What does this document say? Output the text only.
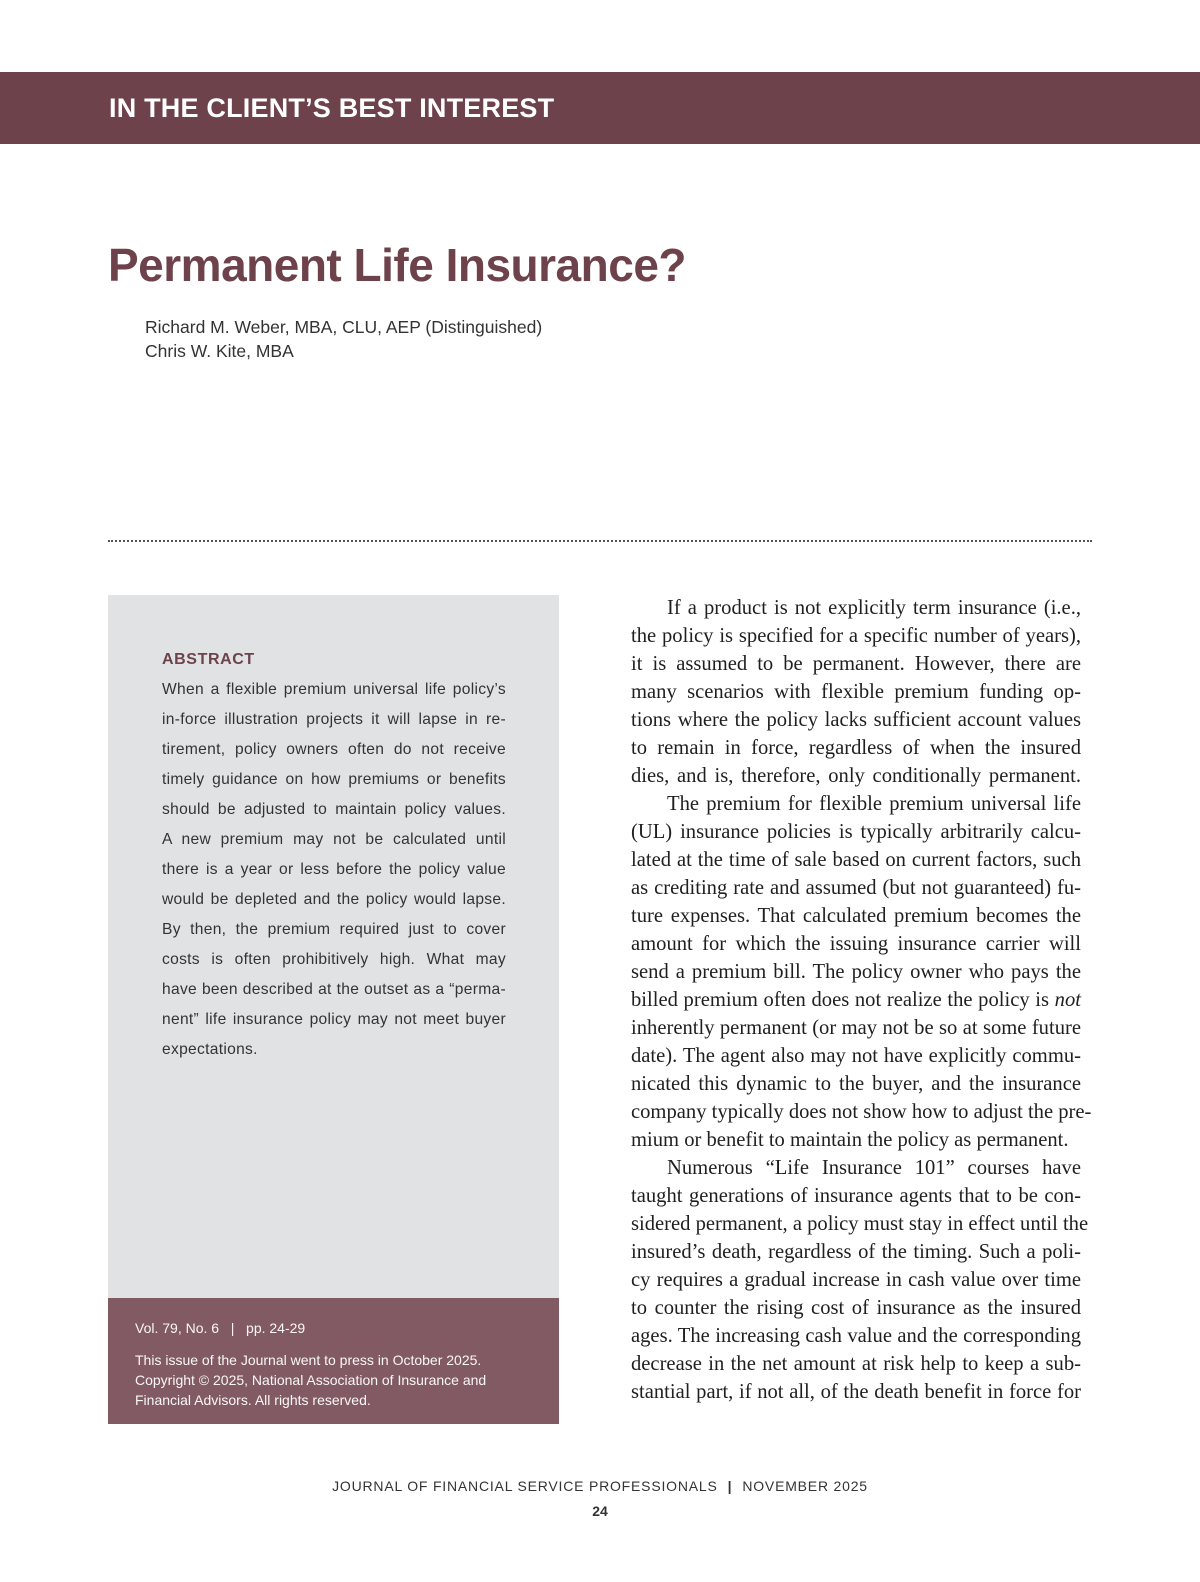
IN THE CLIENT’S BEST INTEREST
Permanent Life Insurance?
Richard M. Weber, MBA, CLU, AEP (Distinguished)
Chris W. Kite, MBA
ABSTRACT

When a flexible premium universal life policy’s
in-force illustration projects it will lapse in re-
tirement, policy owners often do not receive
timely guidance on how premiums or benefits
should be adjusted to maintain policy values.
A new premium may not be calculated until
there is a year or less before the policy value
would be depleted and the policy would lapse.
By then, the premium required just to cover
costs is often prohibitively high. What may
have been described at the outset as a “perma-
nent” life insurance policy may not meet buyer
expectations.

Vol. 79, No. 6 | pp. 24-29
This issue of the Journal went to press in October 2025.
Copyright © 2025, National Association of Insurance and
Financial Advisors. All rights reserved.
If a product is not explicitly term insurance (i.e.,
the policy is specified for a specific number of years),
it is assumed to be permanent. However, there are
many scenarios with flexible premium funding op-
tions where the policy lacks sufficient account values
to remain in force, regardless of when the insured
dies, and is, therefore, only conditionally permanent.
The premium for flexible premium universal life
(UL) insurance policies is typically arbitrarily calcu-
lated at the time of sale based on current factors, such
as crediting rate and assumed (but not guaranteed) fu-
ture expenses. That calculated premium becomes the
amount for which the issuing insurance carrier will
send a premium bill. The policy owner who pays the
billed premium often does not realize the policy is not
inherently permanent (or may not be so at some future
date). The agent also may not have explicitly commu-
nicated this dynamic to the buyer, and the insurance
company typically does not show how to adjust the pre-
mium or benefit to maintain the policy as permanent.
Numerous “Life Insurance 101” courses have
taught generations of insurance agents that to be con-
sidered permanent, a policy must stay in effect until the
insured’s death, regardless of the timing. Such a poli-
cy requires a gradual increase in cash value over time
to counter the rising cost of insurance as the insured
ages. The increasing cash value and the corresponding
decrease in the net amount at risk help to keep a sub-
stantial part, if not all, of the death benefit in force for
JOURNAL OF FINANCIAL SERVICE PROFESSIONALS | NOVEMBER 2025
24
